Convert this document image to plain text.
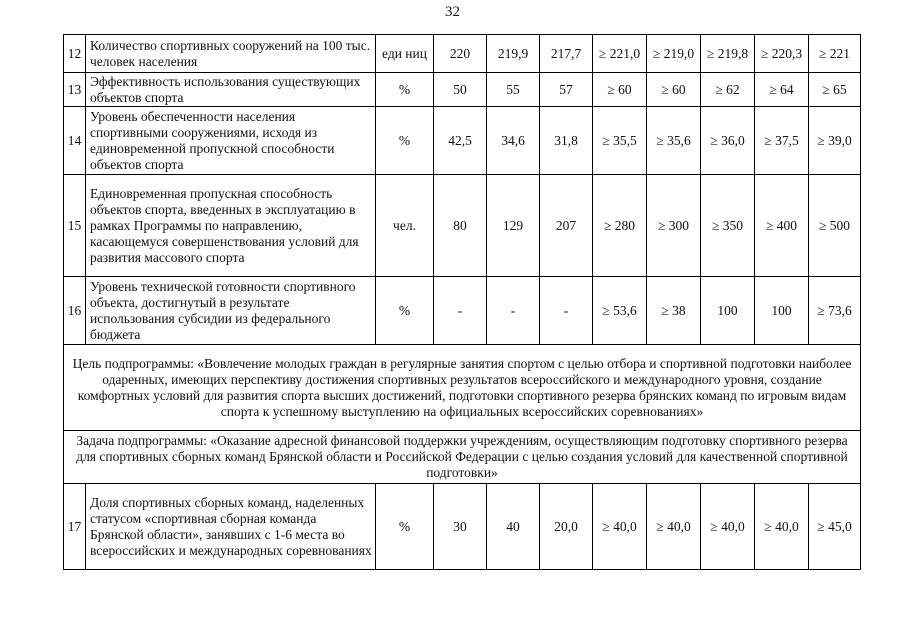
32
12	Количество спортивных сооружений на 100 тыс. человек населения	еди ниц	220	219,9	217,7	≥ 221,0	≥ 219,0	≥ 219,8	≥ 220,3	≥ 221
13	Эффективность использования существующих объектов спорта	%	50	55	57	≥ 60	≥ 60	≥ 62	≥ 64	≥ 65
14	Уровень обеспеченности населения спортивными сооружениями, исходя из единовременной пропускной способности объектов спорта	%	42,5	34,6	31,8	≥ 35,5	≥ 35,6	≥ 36,0	≥ 37,5	≥ 39,0
15	Единовременная пропускная способность объектов спорта, введенных в эксплуатацию в рамках Программы по направлению, касающемуся совершенствования условий для развития массового спорта	чел.	80	129	207	≥ 280	≥ 300	≥ 350	≥ 400	≥ 500
16	Уровень технической готовности спортивного объекта, достигнутый в результате использования субсидии из федерального бюджета	%	-	-	-	≥ 53,6	≥ 38	100	100	≥ 73,6
Цель подпрограммы: «Вовлечение молодых граждан в регулярные занятия спортом с целью отбора и спортивной подготовки наиболее одаренных, имеющих перспективу достижения спортивных результатов всероссийского и международного уровня, создание комфортных условий для развития спорта высших достижений, подготовки спортивного резерва брянских команд по игровым видам спорта к успешному выступлению на официальных всероссийских соревнованиях»										
Задача подпрограммы: «Оказание адресной финансовой поддержки учреждениям, осуществляющим подготовку спортивного резерва для спортивных сборных команд Брянской области и Российской Федерации с целью создания условий для качественной спортивной подготовки»										
17	Доля спортивных сборных команд, наделенных статусом «спортивная сборная команда Брянской области», занявших с 1-6 места во всероссийских и международных соревнованиях	%	30	40	20,0	≥ 40,0	≥ 40,0	≥ 40,0	≥ 40,0	≥ 45,0
